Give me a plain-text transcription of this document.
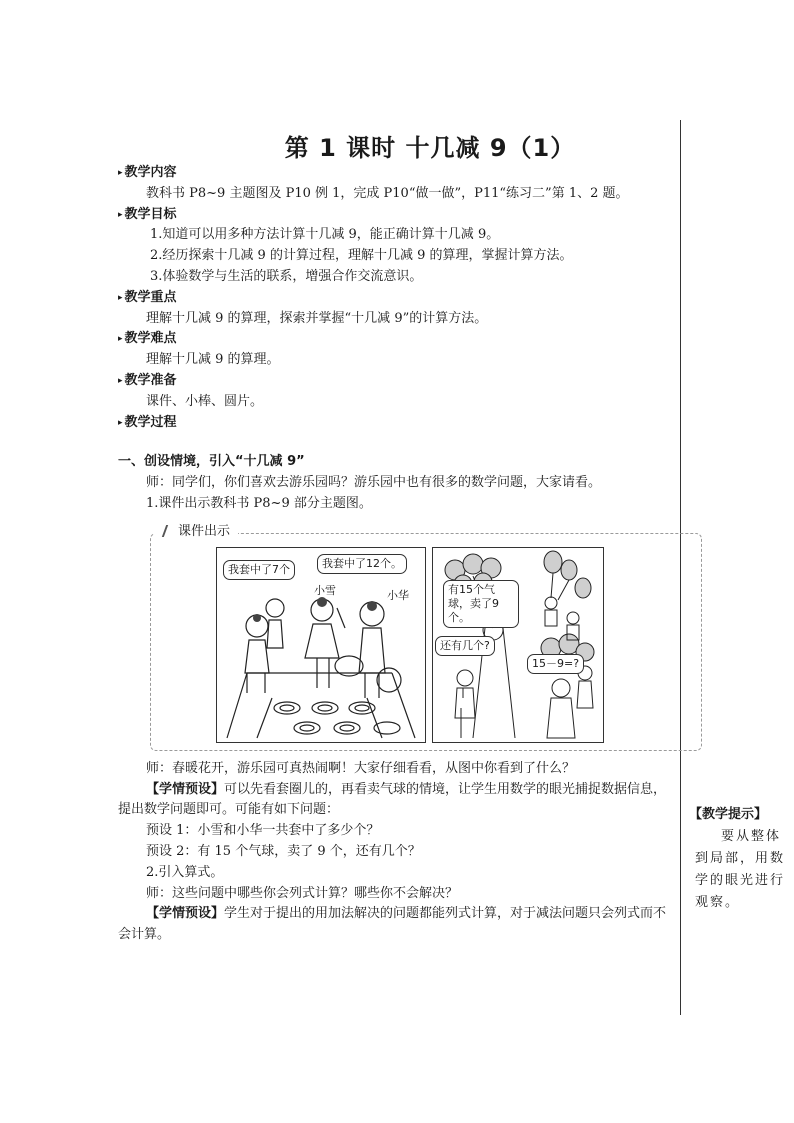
第 1 课时 十几减 9（1）
▸ 教学内容
教科书 P8~9 主题图及 P10 例 1，完成 P10“做一做”，P11“练习二”第 1、2 题。
▸ 教学目标
1.知道可以用多种方法计算十几减 9，能正确计算十几减 9。
2.经历探索十几减 9 的计算过程，理解十几减 9 的算理，掌握计算方法。
3.体验数学与生活的联系，增强合作交流意识。
▸ 教学重点
理解十几减 9 的算理，探索并掌握“十几减 9”的计算方法。
▸ 教学难点
理解十几减 9 的算理。
▸ 教学准备
课件、小棒、圆片。
▸ 教学过程
一、创设情境，引入“十几减 9”
师：同学们，你们喜欢去游乐园吗？游乐园中也有很多的数学问题，大家请看。
1.课件出示教科书 P8~9 部分主题图。
课件出示
我套中了7个	我套中了12个。
小雪	小华	有15个气球，卖了9个。
还有几个?
15－9=?
师：春暖花开，游乐园可真热闹啊！大家仔细看看，从图中你看到了什么？
【学情预设】可以先看套圈儿的，再看卖气球的情境，让学生用数学的眼光捕捉数据信息，提出数学问题即可。可能有如下问题：
预设 1：小雪和小华一共套中了多少个？
预设 2：有 15 个气球，卖了 9 个，还有几个？
2.引入算式。
师：这些问题中哪些你会列式计算？哪些你不会解决？
【学情预设】学生对于提出的用加法解决的问题都能列式计算，对于减法问题只会列式而不会计算。
【教学提示】
要从整体到局部，用数学的眼光进行观察。
